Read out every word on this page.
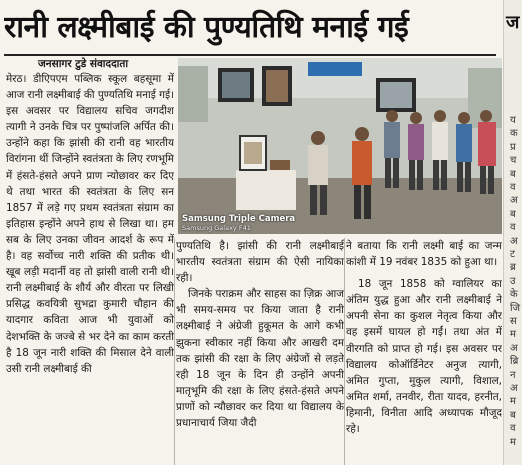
रानी लक्ष्मीबाई की पुण्यतिथि मनाई गई
जनसागर टुडे संवाददाता

मेरठ। डीएिपएम पब्लिक स्कूल बहसूमा में आज रानी लक्ष्मीबाई की पुण्यतिथि मनाई गई। इस अवसर पर विद्यालय सचिव जगदीश त्यागी ने उनके चित्र पर पुष्पांजलि अर्पित की। उन्होंने कहा कि झांसी की रानी वह भारतीय विरांगना थीं जिन्होंने स्वतंत्रता के लिए रणभूमि में हंसते-हंसते अपने प्राण न्योछावर कर दिए थे तथा भारत की स्वतंत्रता के लिए सन 1857 में लड़े गए प्रथम स्वतंत्रता संग्राम का इतिहास इन्होंने अपने हाथ से लिखा था। हम सब के लिए उनका जीवन आदर्श के रूप में है। वह सर्वोच्च नारी शक्ति की प्रतीक थी। खूब लड़ी मदार्नी वह तो झांसी वाली रानी थी। रानी लक्ष्मीबाई के शौर्य और वीरता पर लिखी प्रसिद्ध कवयित्री सुभद्रा कुमारी चौहान की यादगार कविता आज भी युवाओं को देशभक्ति के जज्बे से भर देने का काम करती है 18 जून नारी शक्ति की मिसाल देने वाली उसी रानी लक्ष्मीबाई की

Samsung Triple Camera
Samsung Galaxy F41

पुण्यतिथि है। झांसी की रानी लक्ष्मीबाई भारतीय स्वतंत्रता संग्राम की ऐसी नायिका रही।

जिनके पराक्रम और साहस का ज़िक्र आज भी समय-समय पर किया जाता है रानी लक्ष्मीबाई ने अंग्रेजी हुकूमत के आगे कभी झुकना स्वीकार नहीं किया और आखरी दम तक झांसी की रक्षा के लिए अंग्रेजों से लड़ते रही 18 जून के दिन ही उन्होंने अपनी मातृभूमि की रक्षा के लिए हंसते-हंसते अपने प्राणों को न्यौछावर कर दिया था विद्यालय के प्रधानाचार्य जिया जैदी

ने बताया कि रानी लक्ष्मी बाई का जन्म कांशी में 19 नवंबर 1835 को हुआ था।

18 जून 1858 को ग्वालियर का अंतिम युद्ध हुआ और रानी लक्ष्मीबाई ने अपनी सेना का कुशल नेतृत्व किया और वह इसमें घायल हो गईं। तथा अंत में वीरगति को प्राप्त हो गई। इस अवसर पर विद्यालय कोऑर्डिनेटर अनुज त्यागी, अमित गुप्ता, मुकुल त्यागी, विशाल, अमित शर्मा, तनवीर, रीता यादव, हरनीत, हिमानी, विनीता आदि अध्यापक मौजूद रहे।

ज
य
क
प्र
च
ब
व
अ
ब
व
अ
ट
ब्र
उ
के
जि
स
म
अ
ब्रि
न
अ
म
ब
व
म
